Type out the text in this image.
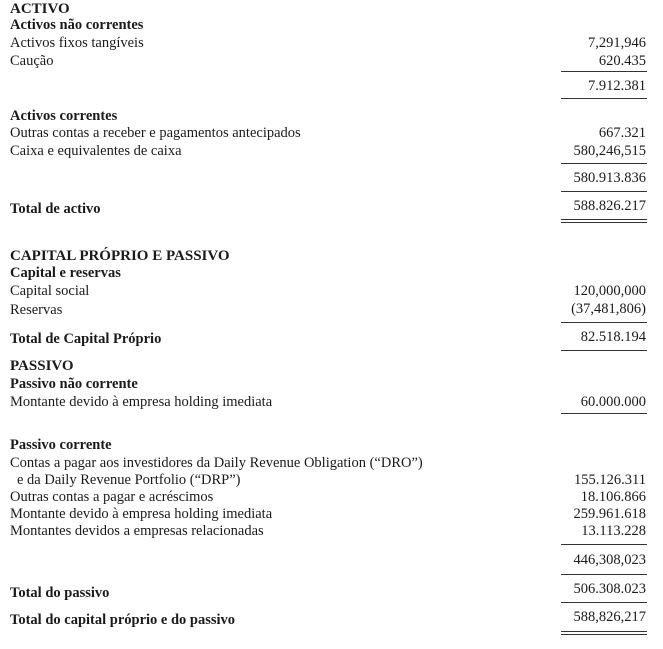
ACTIVO
Activos não correntes
Activos fixos tangíveis	7,291,946
Caução	620.435
7.912.381
Activos correntes
Outras contas a receber e pagamentos antecipados	667.321
Caixa e equivalentes de caixa	580,246,515
580.913.836
Total de activo	588.826.217
CAPITAL PRÓPRIO E PASSIVO
Capital e reservas
Capital social	120,000,000
Reservas	(37,481,806)
Total de Capital Próprio	82.518.194
PASSIVO
Passivo não corrente
Montante devido à empresa holding imediata	60.000.000
Passivo corrente
Contas a pagar aos investidores da Daily Revenue Obligation (“DRO”)
e da Daily Revenue Portfolio (“DRP”)	155.126.311
Outras contas a pagar e acréscimos	18.106.866
Montante devido à empresa holding imediata	259.961.618
Montantes devidos a empresas relacionadas	13.113.228
446,308,023
Total do passivo	506.308.023
Total do capital próprio e do passivo	588,826,217
